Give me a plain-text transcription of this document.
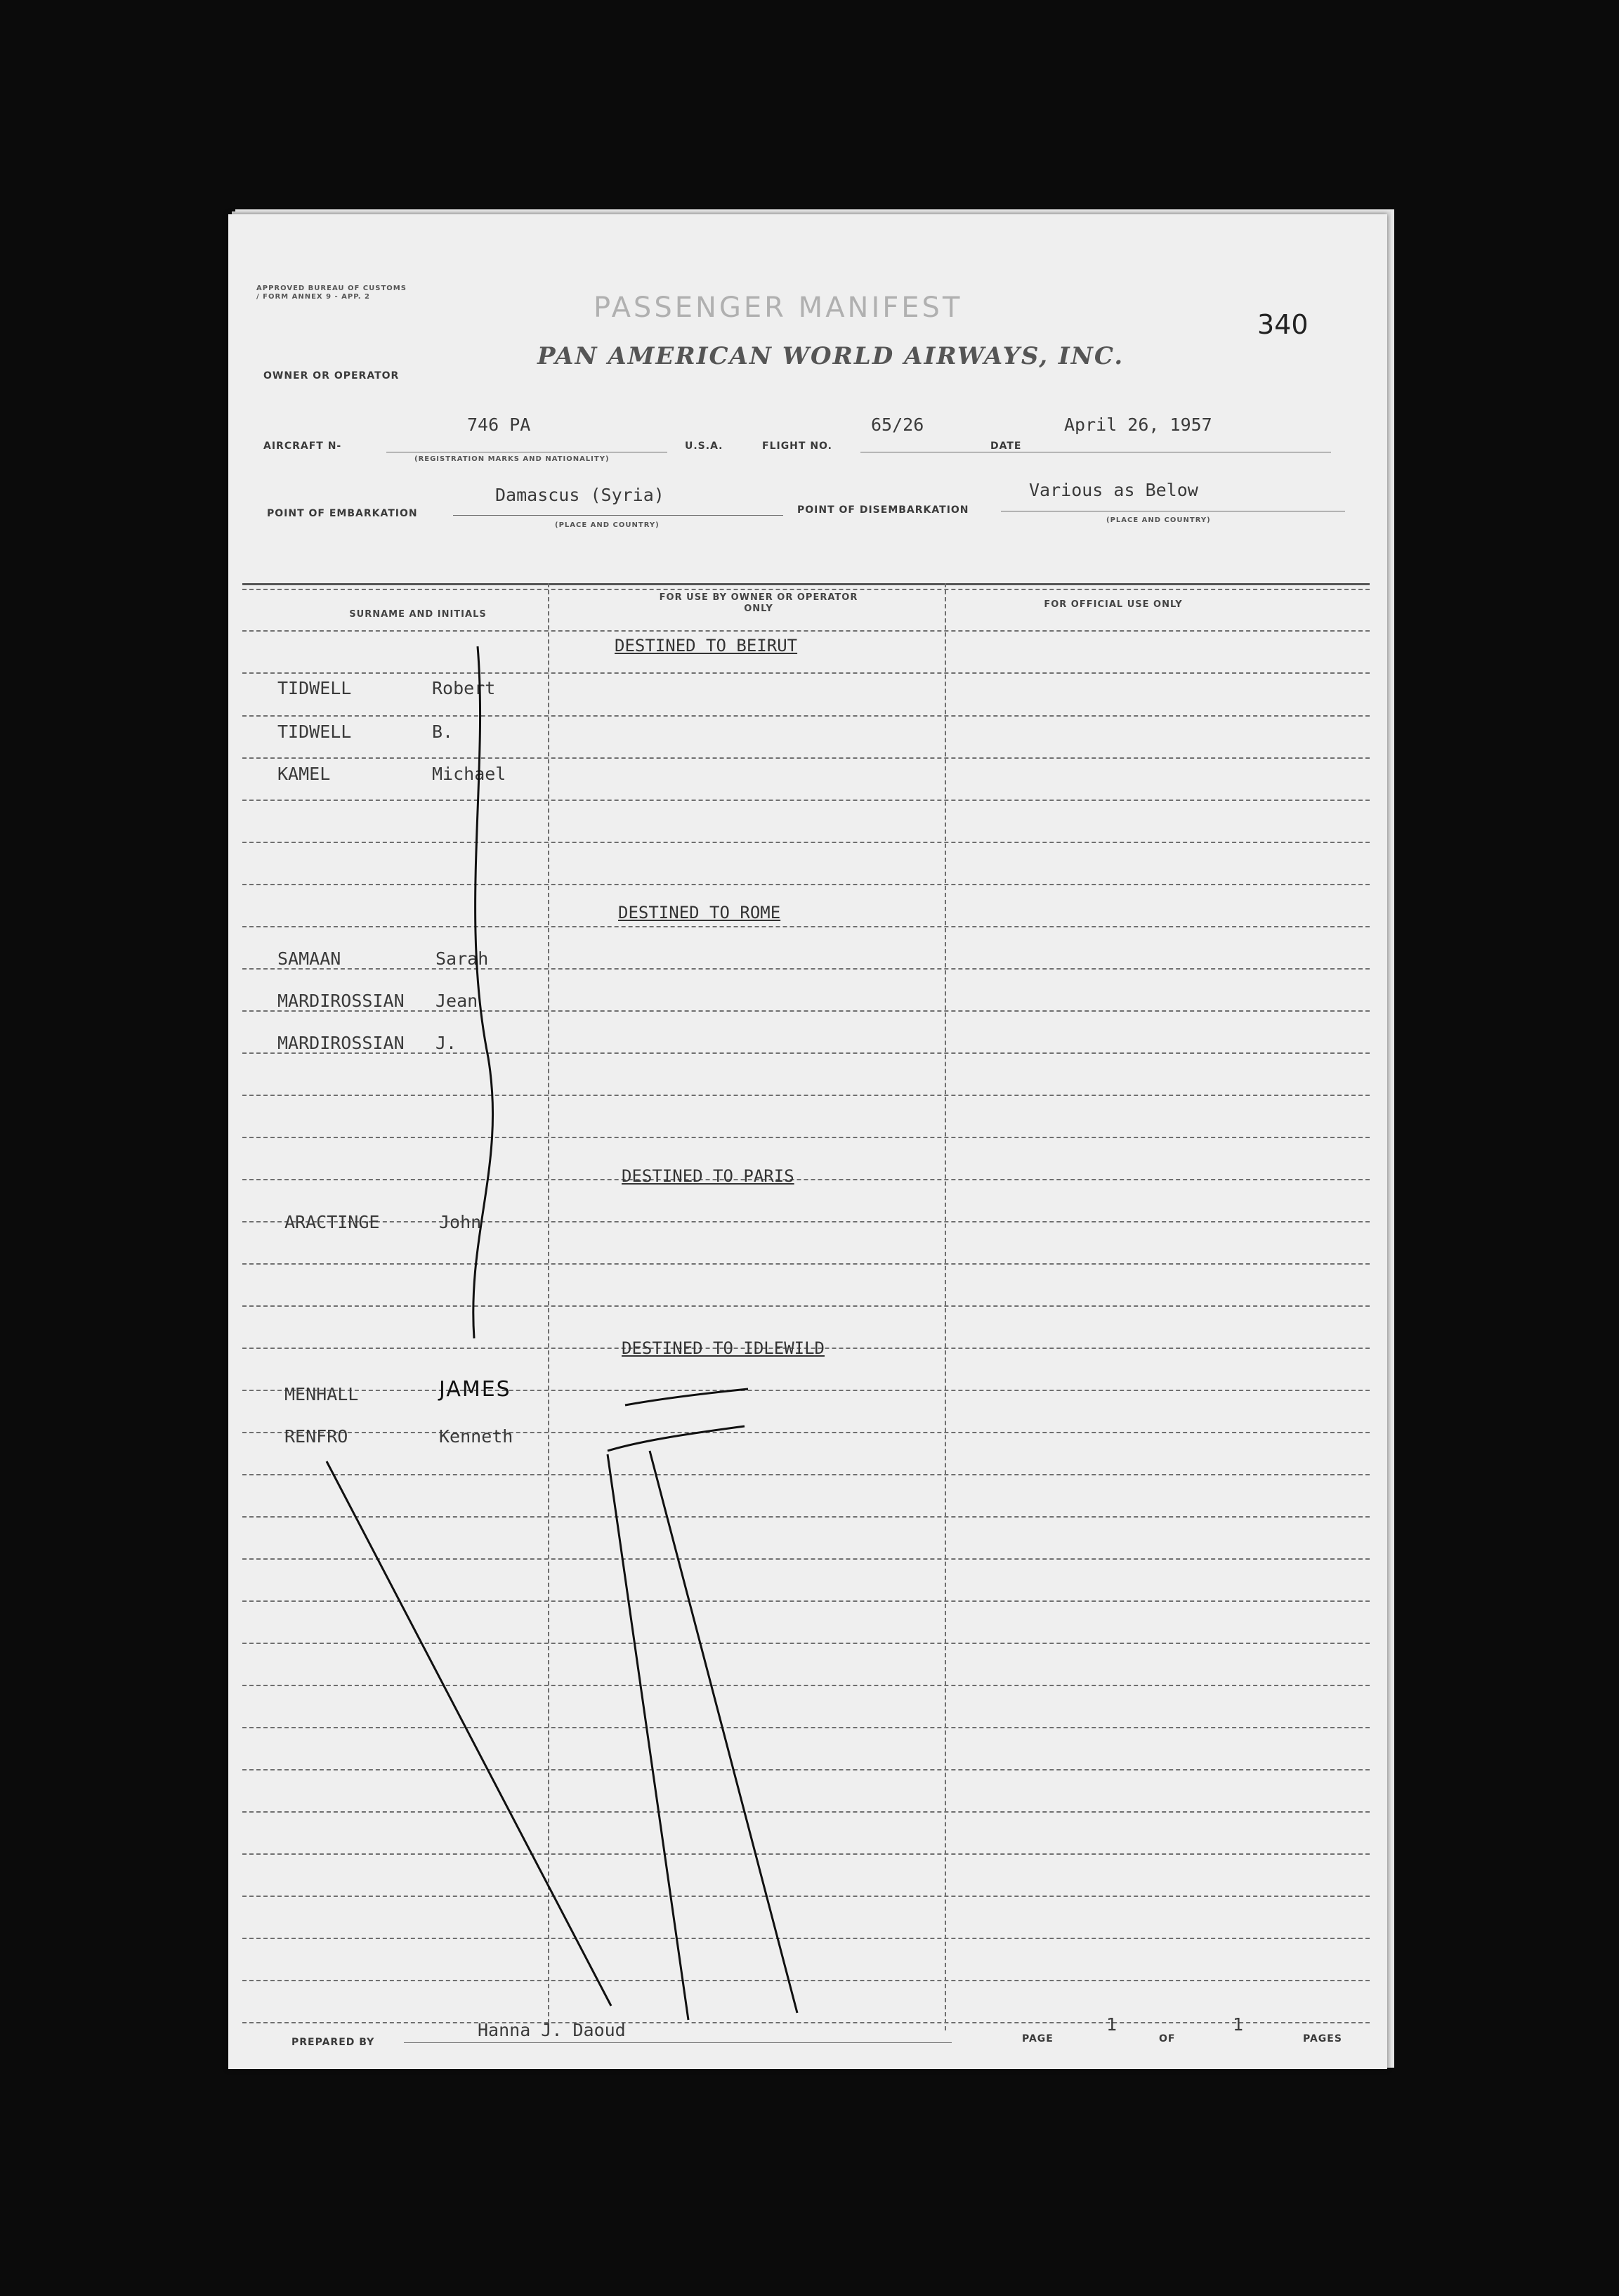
APPROVED BUREAU OF CUSTOMS / FORM ANNEX 9 - APP. 2	PASSENGER MANIFEST
340
OWNER OR OPERATOR
PAN AMERICAN WORLD AIRWAYS, INC.
AIRCRAFT N-
746 PA
(REGISTRATION MARKS AND NATIONALITY)
U.S.A.	FLIGHT NO.
65/26
DATE
April 26, 1957
POINT OF EMBARKATION
Damascus (Syria)
(PLACE AND COUNTRY)
POINT OF DISEMBARKATION
Various as Below
(PLACE AND COUNTRY)
SURNAME AND INITIALS
FOR USE BY OWNER OR OPERATOR ONLY	FOR OFFICIAL USE ONLY
DESTINED TO BEIRUT
TIDWELL	Robert
TIDWELL	B.
KAMEL	Michael
DESTINED TO ROME
SAMAAN	Sarah
MARDIROSSIAN Jean
MARDIROSSIAN J.
DESTINED TO PARIS
ARACTINGE	John
DESTINED TO IDLEWILD
MENHALL	JAMES
RENFRO	Kenneth
PREPARED BY
Hanna J. Daoud	PAGE
1
OF
1
PAGES
